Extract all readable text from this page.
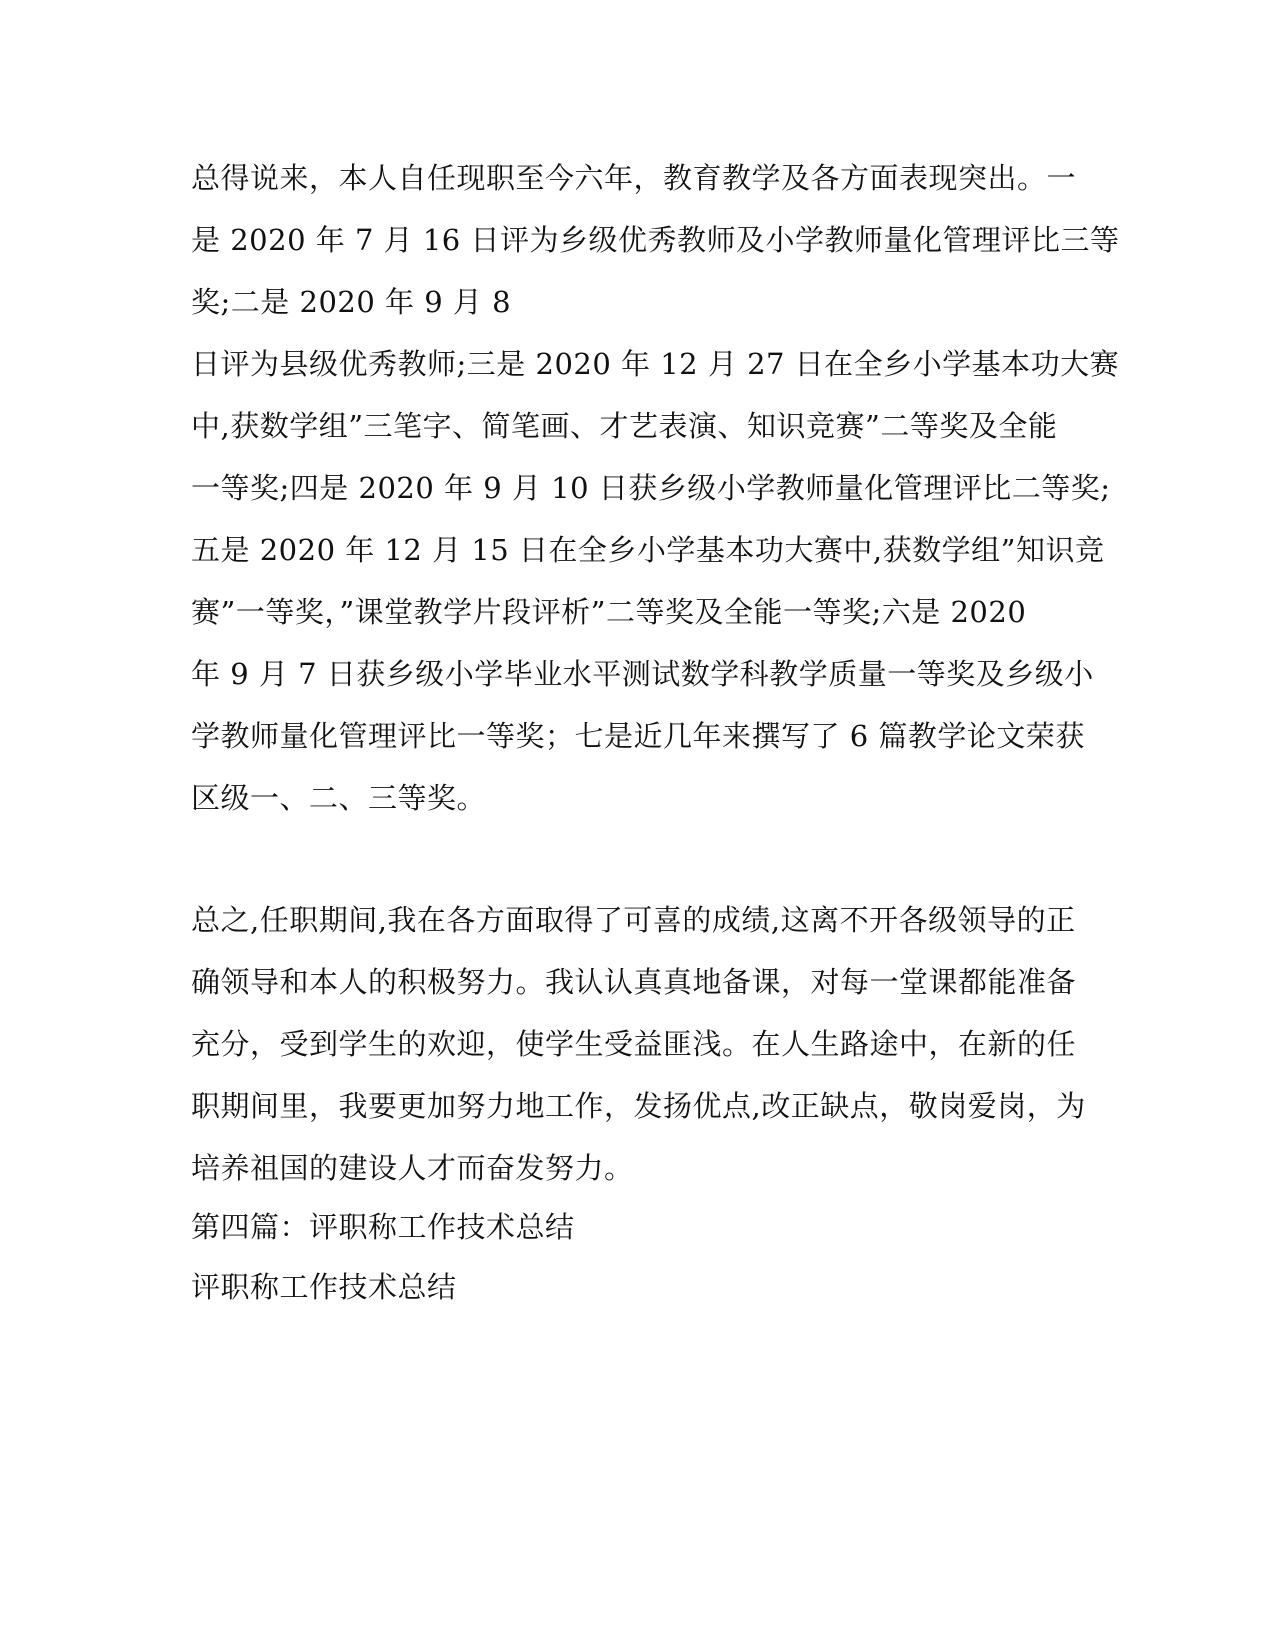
总得说来，本人自任现职至今六年，教育教学及各方面表现突出。一
是 2020 年 7 月 16 日评为乡级优秀教师及小学教师量化管理评比三等
奖;二是 2020 年 9 月 8
日评为县级优秀教师;三是 2020 年 12 月 27 日在全乡小学基本功大赛
中,获数学组”三笔字、简笔画、才艺表演、知识竞赛”二等奖及全能
一等奖;四是 2020 年 9 月 10 日获乡级小学教师量化管理评比二等奖;
五是 2020 年 12 月 15 日在全乡小学基本功大赛中,获数学组”知识竞
赛”一等奖，”课堂教学片段评析”二等奖及全能一等奖;六是 2020
年 9 月 7 日获乡级小学毕业水平测试数学科教学质量一等奖及乡级小
学教师量化管理评比一等奖；七是近几年来撰写了 6 篇教学论文荣获
区级一、二、三等奖。
总之,任职期间,我在各方面取得了可喜的成绩,这离不开各级领导的正
确领导和本人的积极努力。我认认真真地备课，对每一堂课都能准备
充分，受到学生的欢迎，使学生受益匪浅。在人生路途中，在新的任
职期间里，我要更加努力地工作，发扬优点,改正缺点，敬岗爱岗，为
培养祖国的建设人才而奋发努力。
第四篇：评职称工作技术总结
评职称工作技术总结
